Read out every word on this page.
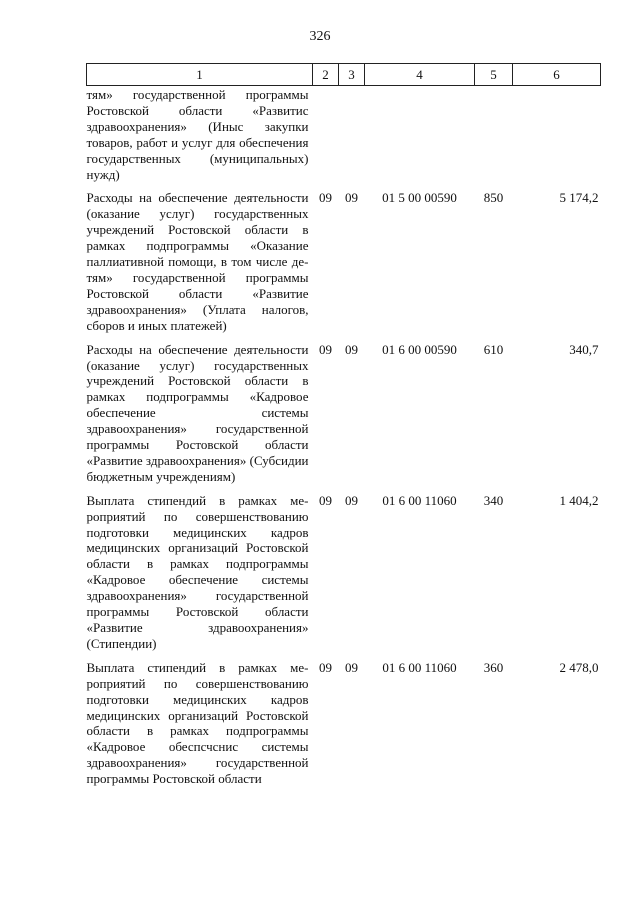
326
1	2	3	4	5	6
тям» государственной программы Ростовской области «Развитис здравоохранения» (Иныс закупки товаров, работ и услуг для обеспечения государственных (муниципальных) нужд)					
Расходы на обеспечение деятельности (оказание услуг) государственных учреждений Ростовской области в рамках подпрограммы «Оказание паллиативной помощи, в том числе детям» государственной программы Ростовской области «Развитие здравоохранения» (Уплата налогов, сборов и иных платежей)	09	09	01 5 00 00590	850	5 174,2
Расходы на обеспечение деятельности (оказание услуг) государственных учреждений Ростовской области в рамках подпрограммы «Кадровое обеспечение системы здравоохранения» государственной программы Ростовской области «Развитие здравоохранения» (Субсидии бюджетным учреждениям)	09	09	01 6 00 00590	610	340,7
Выплата стипендий в рамках мероприятий по совершенствованию подготовки медицинских кадров медицинских организаций Ростовской области в рамках подпрограммы «Кадровое обеспечение системы здравоохранения» государственной программы Ростовской области «Развитие здравоохранения» (Стипендии)	09	09	01 6 00 11060	340	1 404,2
Выплата стипендий в рамках мероприятий по совершенствованию подготовки медицинских кадров медицинских организаций Ростовской области в рамках подпрограммы «Кадровое обеспсчснис системы здравоохранения» государственной программы Ростовской области	09	09	01 6 00 11060	360	2 478,0
